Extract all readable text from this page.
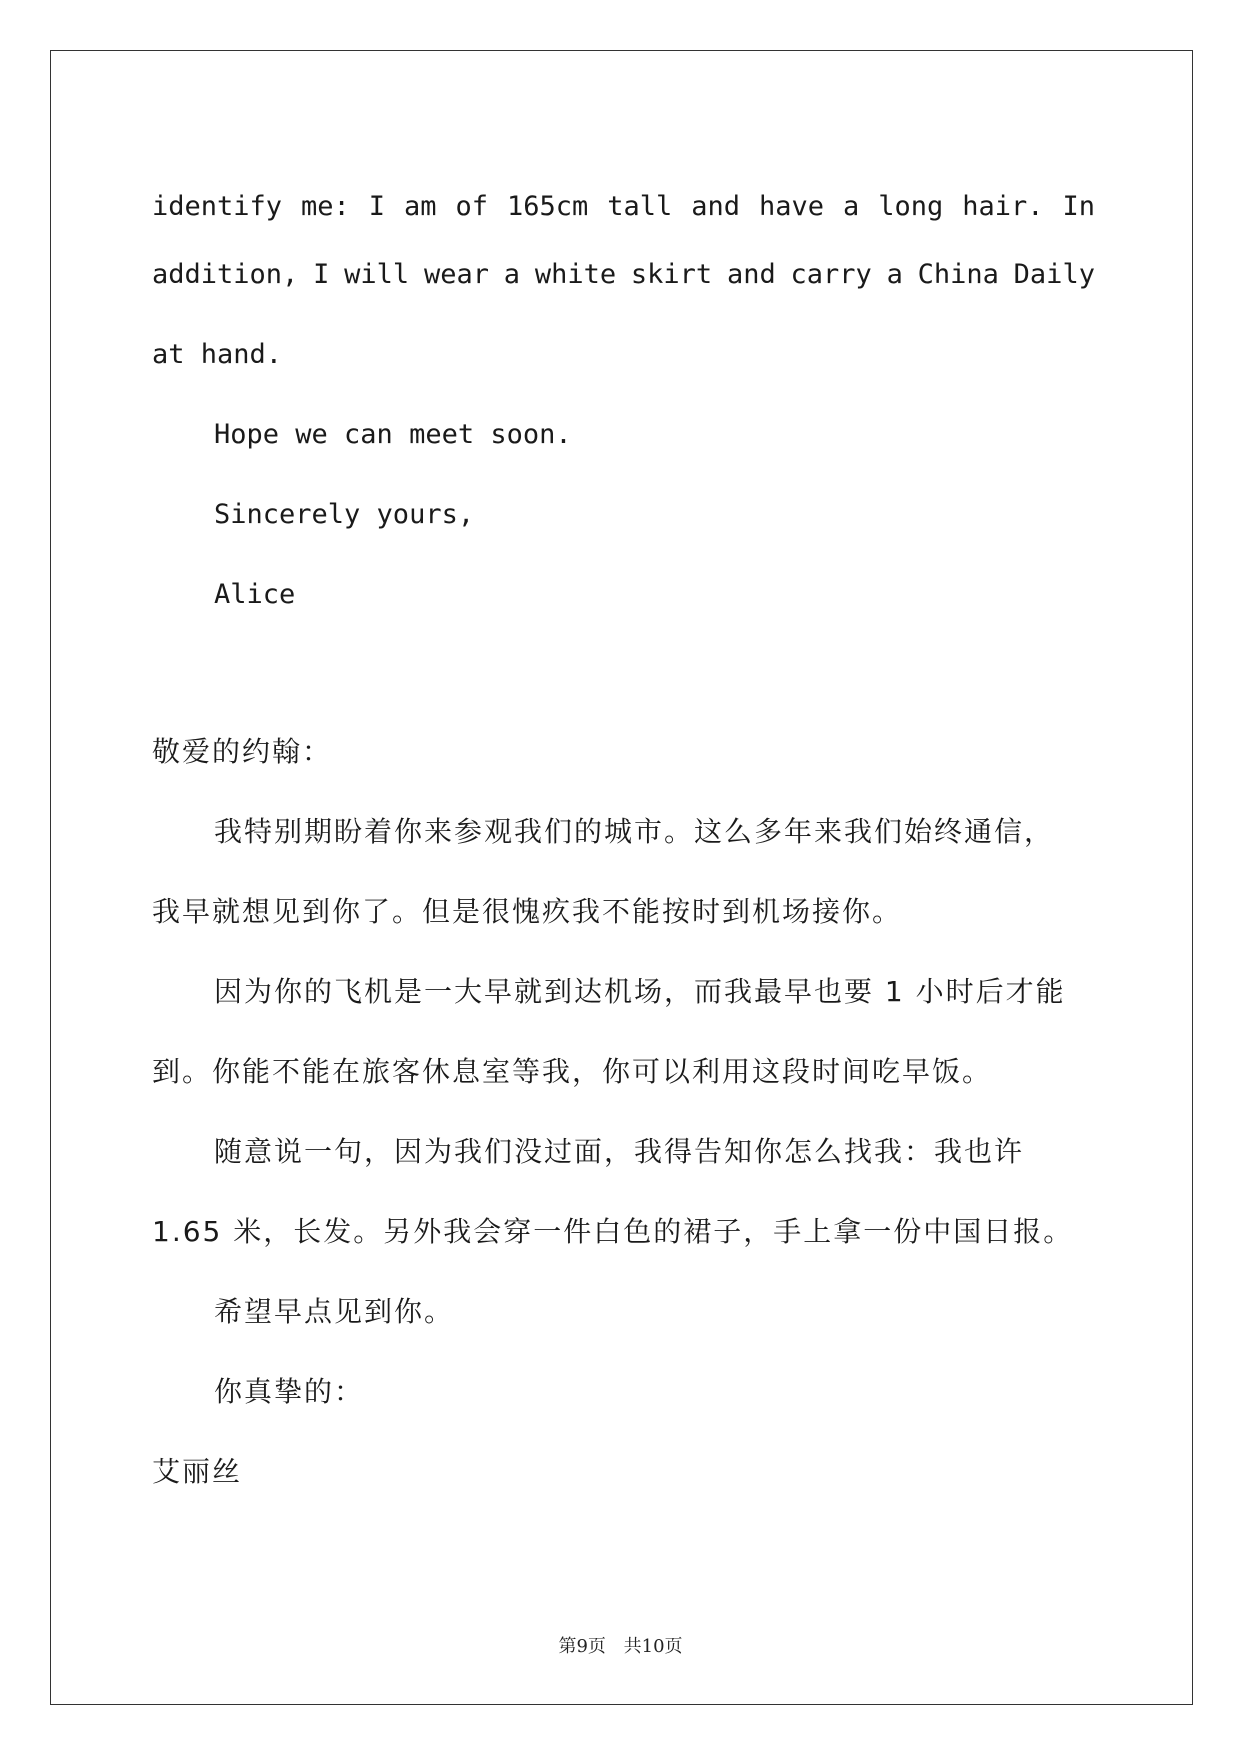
identify me: I am of 165cm tall and have a long hair. In
addition, I will wear a white skirt and carry a China Daily
at hand.
Hope we can meet soon.
Sincerely yours,
Alice
敬爱的约翰：
我特别期盼着你来参观我们的城市。这么多年来我们始终通信，
我早就想见到你了。但是很愧疚我不能按时到机场接你。
因为你的飞机是一大早就到达机场，而我最早也要 1 小时后才能
到。你能不能在旅客休息室等我，你可以利用这段时间吃早饭。
随意说一句，因为我们没过面，我得告知你怎么找我：我也许
1.65 米，长发。另外我会穿一件白色的裙子，手上拿一份中国日报。
希望早点见到你。
你真挚的：
艾丽丝
第9页 共10页
